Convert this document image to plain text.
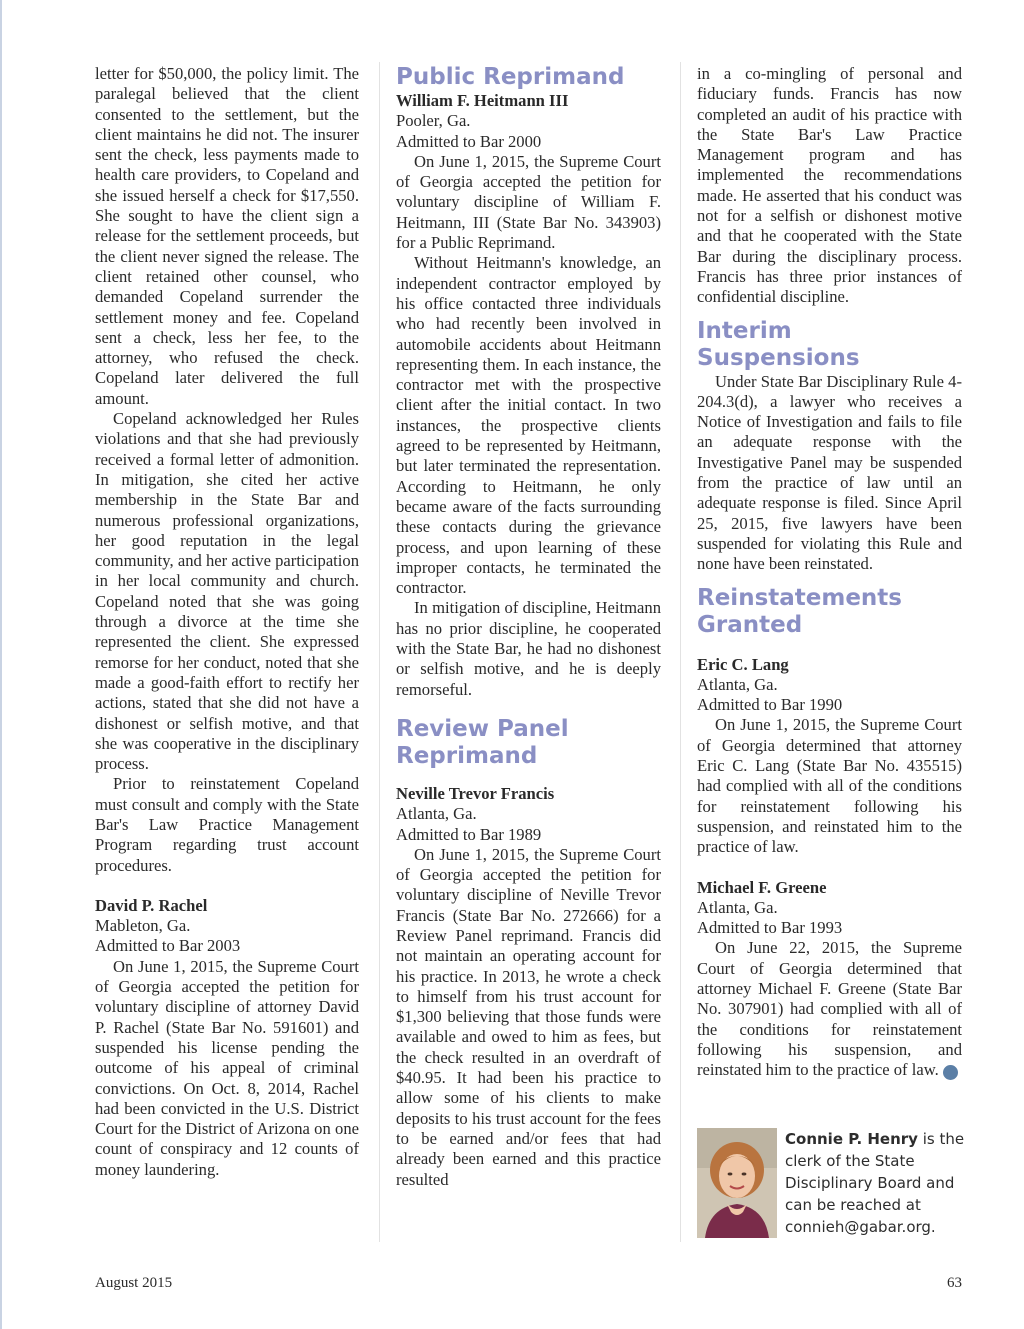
letter for $50,000, the policy limit. The paralegal believed that the client consented to the settlement, but the client maintains he did not. The insurer sent the check, less payments made to health care providers, to Copeland and she issued herself a check for $17,550. She sought to have the client sign a release for the settlement proceeds, but the client never signed the release. The client retained other counsel, who demanded Copeland surrender the settlement money and fee. Copeland sent a check, less her fee, to the attorney, who refused the check. Copeland later delivered the full amount.

Copeland acknowledged her Rules violations and that she had previously received a formal letter of admonition. In mitigation, she cited her active membership in the State Bar and numerous professional organizations, her good reputation in the legal community, and her active participation in her local community and church. Copeland noted that she was going through a divorce at the time she represented the client. She expressed remorse for her conduct, noted that she made a good-faith effort to rectify her actions, stated that she did not have a dishonest or selfish motive, and that she was cooperative in the disciplinary process.

Prior to reinstatement Copeland must consult and comply with the State Bar's Law Practice Management Program regarding trust account procedures.

David P. Rachel

Mableton, Ga.

Admitted to Bar 2003

On June 1, 2015, the Supreme Court of Georgia accepted the petition for voluntary discipline of attorney David P. Rachel (State Bar No. 591601) and suspended his license pending the outcome of his appeal of criminal convictions. On Oct. 8, 2014, Rachel had been convicted in the U.S. District Court for the District of Arizona on one count of conspiracy and 12 counts of money laundering.

Public Reprimand

William F. Heitmann III

Pooler, Ga.

Admitted to Bar 2000

On June 1, 2015, the Supreme Court of Georgia accepted the petition for voluntary discipline of William F. Heitmann, III (State Bar No. 343903) for a Public Reprimand.

Without Heitmann's knowledge, an independent contractor employed by his office contacted three individuals who had recently been involved in automobile accidents about Heitmann representing them. In each instance, the contractor met with the prospective client after the initial contact. In two instances, the prospective clients agreed to be represented by Heitmann, but later terminated the representation. According to Heitmann, he only became aware of the facts surrounding these contacts during the grievance process, and upon learning of these improper contacts, he terminated the contractor.

In mitigation of discipline, Heitmann has no prior discipline, he cooperated with the State Bar, he had no dishonest or selfish motive, and he is deeply remorseful.

Review Panel
Reprimand

Neville Trevor Francis

Atlanta, Ga.

Admitted to Bar 1989

On June 1, 2015, the Supreme Court of Georgia accepted the petition for voluntary discipline of Neville Trevor Francis (State Bar No. 272666) for a Review Panel reprimand. Francis did not maintain an operating account for his practice. In 2013, he wrote a check to himself from his trust account for $1,300 believing that those funds were available and owed to him as fees, but the check resulted in an overdraft of $40.95. It had been his practice to allow some of his clients to make deposits to his trust account for the fees to be earned and/or fees that had already been earned and this practice resulted

in a co-mingling of personal and fiduciary funds. Francis has now completed an audit of his practice with the State Bar's Law Practice Management program and has implemented the recommendations made. He asserted that his conduct was not for a selfish or dishonest motive and that he cooperated with the State Bar during the disciplinary process. Francis has three prior instances of confidential discipline.

Interim Suspensions

Under State Bar Disciplinary Rule 4-204.3(d), a lawyer who receives a Notice of Investigation and fails to file an adequate response with the Investigative Panel may be suspended from the practice of law until an adequate response is filed. Since April 25, 2015, five lawyers have been suspended for violating this Rule and none have been reinstated.

Reinstatements
Granted

Eric C. Lang

Atlanta, Ga.

Admitted to Bar 1990

On June 1, 2015, the Supreme Court of Georgia determined that attorney Eric C. Lang (State Bar No. 435515) had complied with all of the conditions for reinstatement following his suspension, and reinstated him to the practice of law.

Michael F. Greene

Atlanta, Ga.

Admitted to Bar 1993

On June 22, 2015, the Supreme Court of Georgia determined that attorney Michael F. Greene (State Bar No. 307901) had complied with all of the conditions for reinstatement following his suspension, and reinstated him to the practice of law.	GBJ

Connie P. Henry is the clerk of the State Disciplinary Board and can be reached at connieh@gabar.org.
August 2015	63
